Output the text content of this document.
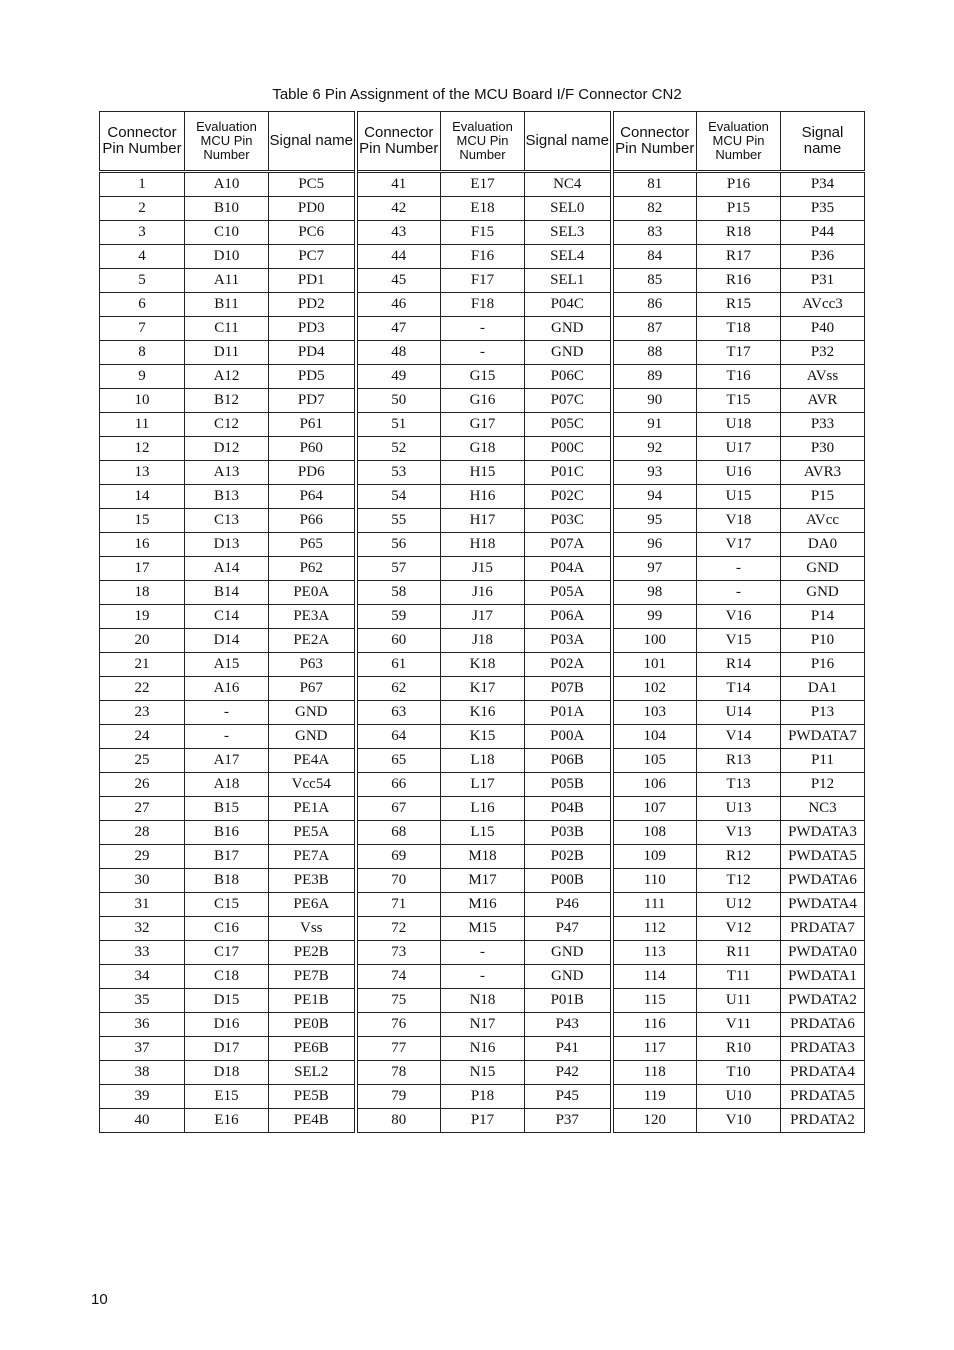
Table 6 Pin Assignment of the MCU Board I/F Connector CN2
Connector Pin Number	Evaluation MCU Pin Number	Signal name	Connector Pin Number	Evaluation MCU Pin Number	Signal name	Connector Pin Number	Evaluation MCU Pin Number	Signal name
1	A10	PC5	41	E17	NC4	81	P16	P34
2	B10	PD0	42	E18	SEL0	82	P15	P35
3	C10	PC6	43	F15	SEL3	83	R18	P44
4	D10	PC7	44	F16	SEL4	84	R17	P36
5	A11	PD1	45	F17	SEL1	85	R16	P31
6	B11	PD2	46	F18	P04C	86	R15	AVcc3
7	C11	PD3	47	-	GND	87	T18	P40
8	D11	PD4	48	-	GND	88	T17	P32
9	A12	PD5	49	G15	P06C	89	T16	AVss
10	B12	PD7	50	G16	P07C	90	T15	AVR
11	C12	P61	51	G17	P05C	91	U18	P33
12	D12	P60	52	G18	P00C	92	U17	P30
13	A13	PD6	53	H15	P01C	93	U16	AVR3
14	B13	P64	54	H16	P02C	94	U15	P15
15	C13	P66	55	H17	P03C	95	V18	AVcc
16	D13	P65	56	H18	P07A	96	V17	DA0
17	A14	P62	57	J15	P04A	97	-	GND
18	B14	PE0A	58	J16	P05A	98	-	GND
19	C14	PE3A	59	J17	P06A	99	V16	P14
20	D14	PE2A	60	J18	P03A	100	V15	P10
21	A15	P63	61	K18	P02A	101	R14	P16
22	A16	P67	62	K17	P07B	102	T14	DA1
23	-	GND	63	K16	P01A	103	U14	P13
24	-	GND	64	K15	P00A	104	V14	PWDATA7
25	A17	PE4A	65	L18	P06B	105	R13	P11
26	A18	Vcc54	66	L17	P05B	106	T13	P12
27	B15	PE1A	67	L16	P04B	107	U13	NC3
28	B16	PE5A	68	L15	P03B	108	V13	PWDATA3
29	B17	PE7A	69	M18	P02B	109	R12	PWDATA5
30	B18	PE3B	70	M17	P00B	110	T12	PWDATA6
31	C15	PE6A	71	M16	P46	111	U12	PWDATA4
32	C16	Vss	72	M15	P47	112	V12	PRDATA7
33	C17	PE2B	73	-	GND	113	R11	PWDATA0
34	C18	PE7B	74	-	GND	114	T11	PWDATA1
35	D15	PE1B	75	N18	P01B	115	U11	PWDATA2
36	D16	PE0B	76	N17	P43	116	V11	PRDATA6
37	D17	PE6B	77	N16	P41	117	R10	PRDATA3
38	D18	SEL2	78	N15	P42	118	T10	PRDATA4
39	E15	PE5B	79	P18	P45	119	U10	PRDATA5
40	E16	PE4B	80	P17	P37	120	V10	PRDATA2
10
